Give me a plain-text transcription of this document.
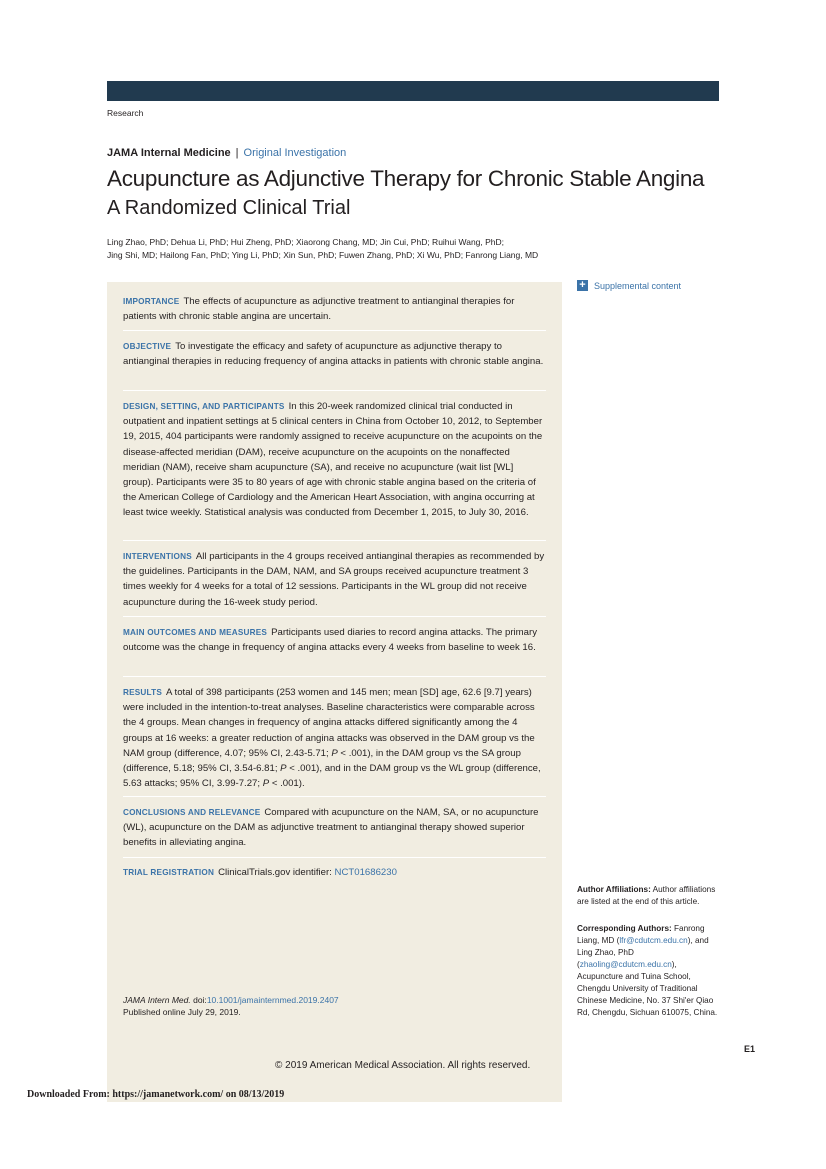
Research
JAMA Internal Medicine | Original Investigation
Acupuncture as Adjunctive Therapy for Chronic Stable Angina
A Randomized Clinical Trial
Ling Zhao, PhD; Dehua Li, PhD; Hui Zheng, PhD; Xiaorong Chang, MD; Jin Cui, PhD; Ruihui Wang, PhD;
Jing Shi, MD; Hailong Fan, PhD; Ying Li, PhD; Xin Sun, PhD; Fuwen Zhang, PhD; Xi Wu, PhD; Fanrong Liang, MD
IMPORTANCE The effects of acupuncture as adjunctive treatment to antianginal therapies for patients with chronic stable angina are uncertain.
OBJECTIVE To investigate the efficacy and safety of acupuncture as adjunctive therapy to antianginal therapies in reducing frequency of angina attacks in patients with chronic stable angina.
DESIGN, SETTING, AND PARTICIPANTS In this 20-week randomized clinical trial conducted in outpatient and inpatient settings at 5 clinical centers in China from October 10, 2012, to September 19, 2015, 404 participants were randomly assigned to receive acupuncture on the acupoints on the disease-affected meridian (DAM), receive acupuncture on the acupoints on the nonaffected meridian (NAM), receive sham acupuncture (SA), and receive no acupuncture (wait list [WL] group). Participants were 35 to 80 years of age with chronic stable angina based on the criteria of the American College of Cardiology and the American Heart Association, with angina occurring at least twice weekly. Statistical analysis was conducted from December 1, 2015, to July 30, 2016.
INTERVENTIONS All participants in the 4 groups received antianginal therapies as recommended by the guidelines. Participants in the DAM, NAM, and SA groups received acupuncture treatment 3 times weekly for 4 weeks for a total of 12 sessions. Participants in the WL group did not receive acupuncture during the 16-week study period.
MAIN OUTCOMES AND MEASURES Participants used diaries to record angina attacks. The primary outcome was the change in frequency of angina attacks every 4 weeks from baseline to week 16.
RESULTS A total of 398 participants (253 women and 145 men; mean [SD] age, 62.6 [9.7] years) were included in the intention-to-treat analyses. Baseline characteristics were comparable across the 4 groups. Mean changes in frequency of angina attacks differed significantly among the 4 groups at 16 weeks: a greater reduction of angina attacks was observed in the DAM group vs the NAM group (difference, 4.07; 95% CI, 2.43-5.71; P < .001), in the DAM group vs the SA group (difference, 5.18; 95% CI, 3.54-6.81; P < .001), and in the DAM group vs the WL group (difference, 5.63 attacks; 95% CI, 3.99-7.27; P < .001).
CONCLUSIONS AND RELEVANCE Compared with acupuncture on the NAM, SA, or no acupuncture (WL), acupuncture on the DAM as adjunctive treatment to antianginal therapy showed superior benefits in alleviating angina.
TRIAL REGISTRATION ClinicalTrials.gov identifier: NCT01686230
JAMA Intern Med. doi:10.1001/jamainternmed.2019.2407
Published online July 29, 2019.
© 2019 American Medical Association. All rights reserved.
+ Supplemental content
Author Affiliations: Author affiliations are listed at the end of this article.
Corresponding Authors: Fanrong Liang, MD (lfr@cdutcm.edu.cn), and Ling Zhao, PhD (zhaoling@cdutcm.edu.cn), Acupuncture and Tuina School, Chengdu University of Traditional Chinese Medicine, No. 37 Shi'er Qiao Rd, Chengdu, Sichuan 610075, China.
E1
Downloaded From: https://jamanetwork.com/ on 08/13/2019
